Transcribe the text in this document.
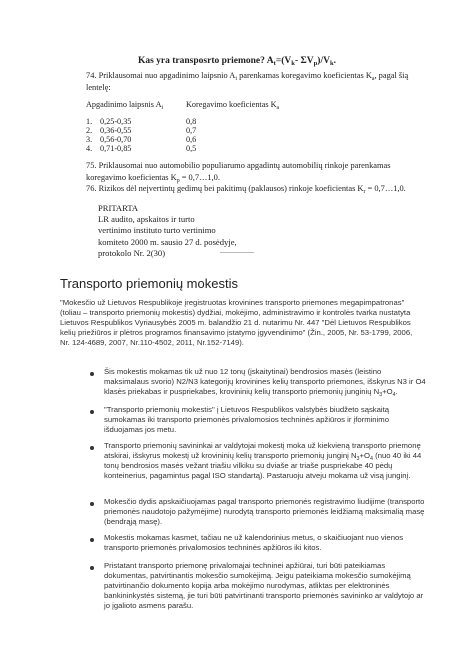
Kas yra transposrto priemone? $A_t=(V_k-$ $\Sigma V_p)/V_k$.
74. Priklausomai nuo apgadinimo laipsnio $A_i$ parenkamas koregavimo koeficientas $K_a$, pagal šią lentelę:
Apgadinimo laipsnis $A_i$	Koregavimo koeficientas $K_a$
1. 0,25-0,35	0,8
2. 0,36-0,55	0,7
3. 0,56-0,70	0,6
4. 0,71-0,85	0,5
75. Priklausomai nuo automobilio populiarumo apgadintų automobilių rinkoje parenkamas koregavimo koeficientas $K_p$ = 0,7…1,0.
76. Rizikos dėl neįvertintų gedimų bei pakitimų (paklausos) rinkoje koeficientas $K_r$ = 0,7…1,0.
PRITARTA
LR audito, apskaitos ir turto
vertinimo instituto turto vertinimo
komiteto 2000 m. sausio 27 d. posėdyje,
protokolo Nr. 2(30)
Transporto priemonių mokestis
"Mokesčio už Lietuvos Respublikoje įregistruotas krovinines transporto priemones megapimpatronas" (toliau – transporto priemonių mokestis) dydžiai, mokėjimo, administravimo ir kontrolės tvarka nustatyta Lietuvos Respublikos Vyriausybės 2005 m. balandžio 21 d. nutarimu Nr. 447 "Dėl Lietuvos Respublikos kelių priežiūros ir plėtros programos finansavimo įstatymo įgyvendinimo" (Žin., 2005, Nr. 53-1799, 2006, Nr. 124-4689, 2007, Nr.110-4502, 2011, Nr.152-7149).
Šis mokestis mokamas tik už nuo 12 tonų (įskaitytinai) bendrosios masės (leistino maksimalaus svorio) N2/N3 kategorijų krovinines kelių transporto priemones, išskyrus N3 ir O4 klasės priekabas ir puspriekabes, krovininių kelių transporto priemonių junginių $N_3+O_4$.
"Transporto priemonių mokestis" į Lietuvos Respublikos valstybės biudžeto sąskaitą sumokamas iki transporto priemonės privalomosios techninės apžiūros ir įforminimo išduojamas jos metu.
Transporto priemonių savininkai ar valdytojai mokestį moka už kiekvieną transporto priemonę atskirai, išskyrus mokestį už krovininių kelių transporto priemonių junginį $N_3+O_4$ (nuo 40 iki 44 tonų bendrosios masės vežant triašiu vilkiku su dviaše ar triaše puspriekabe 40 pėdų konteinerius, pagamintus pagal ISO standartą). Pastaruoju atveju mokama už visą junginį.
Mokesčio dydis apskaičiuojamas pagal transporto priemonės registravimo liudijime (transporto priemonės naudotojo pažymėjime) nurodytą transporto priemonės leidžiamą maksimalią masę (bendrąją masę).
Mokestis mokamas kasmet, tačiau ne už kalendorinius metus, o skaičiuojant nuo vienos transporto priemonės privalomosios techninės apžiūros iki kitos.
Pristatant transporto priemonę privalomajai techninei apžiūrai, turi būti pateikiamas dokumentas, patvirtinantis mokesčio sumokėjimą. Jeigu pateikiama mokesčio sumokėjimą patvirtinančio dokumento kopija arba mokėjimo nurodymas, atliktas per elektroninės bankininkystės sistemą, jie turi būti patvirtinanti transporto priemonės savininko ar valdytojo ar jo įgalioto asmens parašu.
